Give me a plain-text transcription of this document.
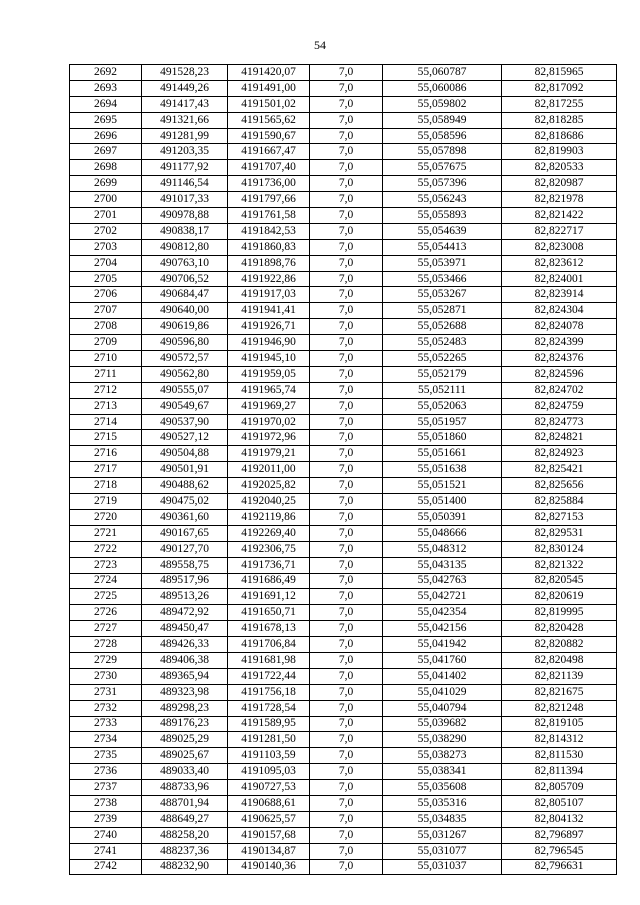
54
2692	491528,23	4191420,07	7,0	55,060787	82,815965
2693	491449,26	4191491,00	7,0	55,060086	82,817092
2694	491417,43	4191501,02	7,0	55,059802	82,817255
2695	491321,66	4191565,62	7,0	55,058949	82,818285
2696	491281,99	4191590,67	7,0	55,058596	82,818686
2697	491203,35	4191667,47	7,0	55,057898	82,819903
2698	491177,92	4191707,40	7,0	55,057675	82,820533
2699	491146,54	4191736,00	7,0	55,057396	82,820987
2700	491017,33	4191797,66	7,0	55,056243	82,821978
2701	490978,88	4191761,58	7,0	55,055893	82,821422
2702	490838,17	4191842,53	7,0	55,054639	82,822717
2703	490812,80	4191860,83	7,0	55,054413	82,823008
2704	490763,10	4191898,76	7,0	55,053971	82,823612
2705	490706,52	4191922,86	7,0	55,053466	82,824001
2706	490684,47	4191917,03	7,0	55,053267	82,823914
2707	490640,00	4191941,41	7,0	55,052871	82,824304
2708	490619,86	4191926,71	7,0	55,052688	82,824078
2709	490596,80	4191946,90	7,0	55,052483	82,824399
2710	490572,57	4191945,10	7,0	55,052265	82,824376
2711	490562,80	4191959,05	7,0	55,052179	82,824596
2712	490555,07	4191965,74	7,0	55,052111	82,824702
2713	490549,67	4191969,27	7,0	55,052063	82,824759
2714	490537,90	4191970,02	7,0	55,051957	82,824773
2715	490527,12	4191972,96	7,0	55,051860	82,824821
2716	490504,88	4191979,21	7,0	55,051661	82,824923
2717	490501,91	4192011,00	7,0	55,051638	82,825421
2718	490488,62	4192025,82	7,0	55,051521	82,825656
2719	490475,02	4192040,25	7,0	55,051400	82,825884
2720	490361,60	4192119,86	7,0	55,050391	82,827153
2721	490167,65	4192269,40	7,0	55,048666	82,829531
2722	490127,70	4192306,75	7,0	55,048312	82,830124
2723	489558,75	4191736,71	7,0	55,043135	82,821322
2724	489517,96	4191686,49	7,0	55,042763	82,820545
2725	489513,26	4191691,12	7,0	55,042721	82,820619
2726	489472,92	4191650,71	7,0	55,042354	82,819995
2727	489450,47	4191678,13	7,0	55,042156	82,820428
2728	489426,33	4191706,84	7,0	55,041942	82,820882
2729	489406,38	4191681,98	7,0	55,041760	82,820498
2730	489365,94	4191722,44	7,0	55,041402	82,821139
2731	489323,98	4191756,18	7,0	55,041029	82,821675
2732	489298,23	4191728,54	7,0	55,040794	82,821248
2733	489176,23	4191589,95	7,0	55,039682	82,819105
2734	489025,29	4191281,50	7,0	55,038290	82,814312
2735	489025,67	4191103,59	7,0	55,038273	82,811530
2736	489033,40	4191095,03	7,0	55,038341	82,811394
2737	488733,96	4190727,53	7,0	55,035608	82,805709
2738	488701,94	4190688,61	7,0	55,035316	82,805107
2739	488649,27	4190625,57	7,0	55,034835	82,804132
2740	488258,20	4190157,68	7,0	55,031267	82,796897
2741	488237,36	4190134,87	7,0	55,031077	82,796545
2742	488232,90	4190140,36	7,0	55,031037	82,796631
